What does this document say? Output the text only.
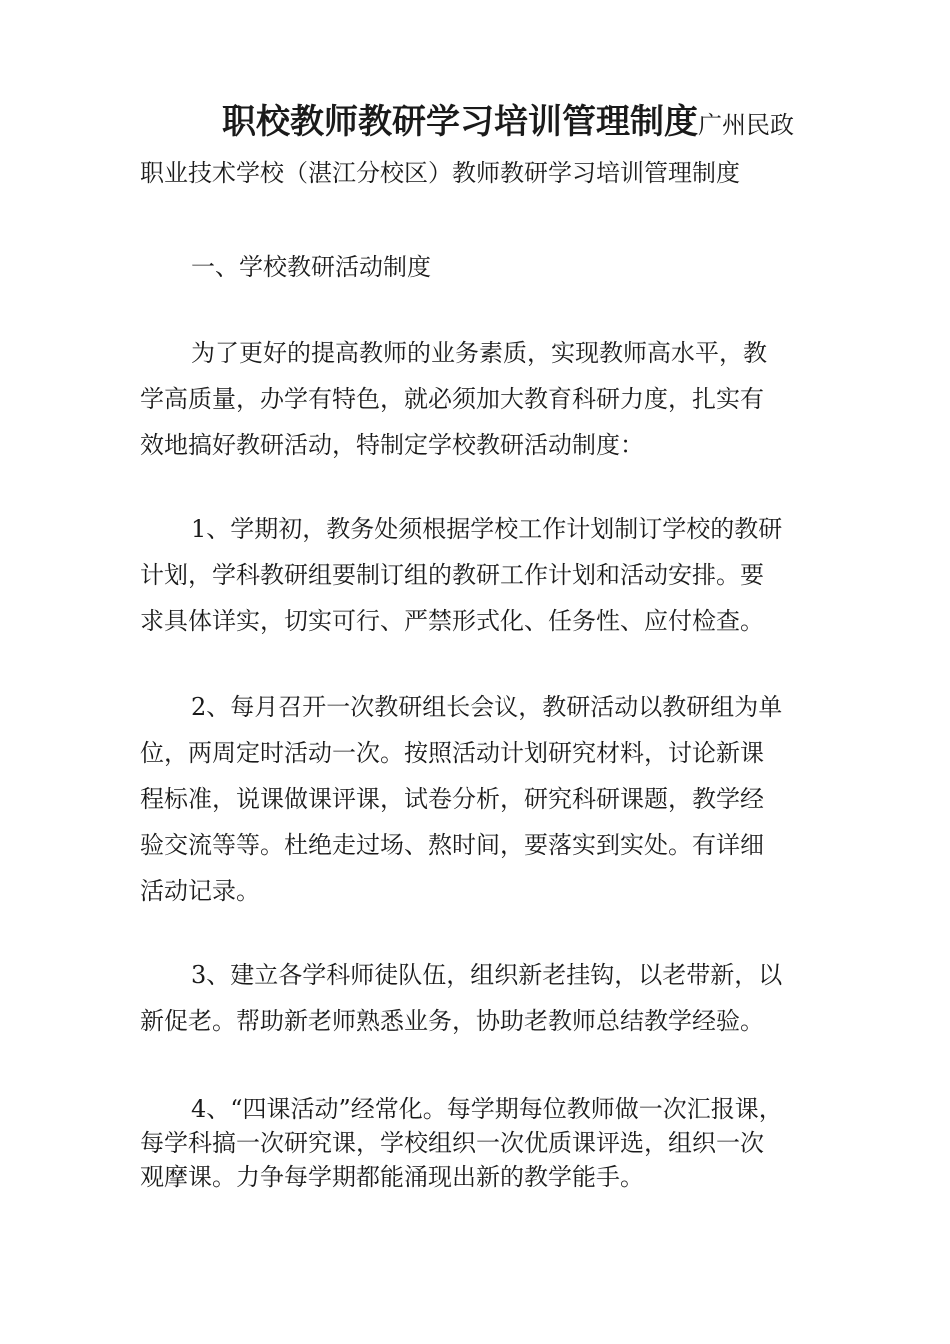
职校教师教研学习培训管理制度广州民政
职业技术学校（湛江分校区）教师教研学习培训管理制度
一、学校教研活动制度
为了更好的提高教师的业务素质，实现教师高水平，教
学高质量，办学有特色，就必须加大教育科研力度，扎实有
效地搞好教研活动，特制定学校教研活动制度：
1、学期初，教务处须根据学校工作计划制订学校的教研
计划，学科教研组要制订组的教研工作计划和活动安排。要
求具体详实，切实可行、严禁形式化、任务性、应付检查。
2、每月召开一次教研组长会议，教研活动以教研组为单
位，两周定时活动一次。按照活动计划研究材料，讨论新课
程标准，说课做课评课，试卷分析，研究科研课题，教学经
验交流等等。杜绝走过场、熬时间，要落实到实处。有详细
活动记录。
3、建立各学科师徒队伍，组织新老挂钩，以老带新，以
新促老。帮助新老师熟悉业务，协助老教师总结教学经验。
4、“四课活动”经常化。每学期每位教师做一次汇报课，
每学科搞一次研究课，学校组织一次优质课评选，组织一次
观摩课。力争每学期都能涌现出新的教学能手。
